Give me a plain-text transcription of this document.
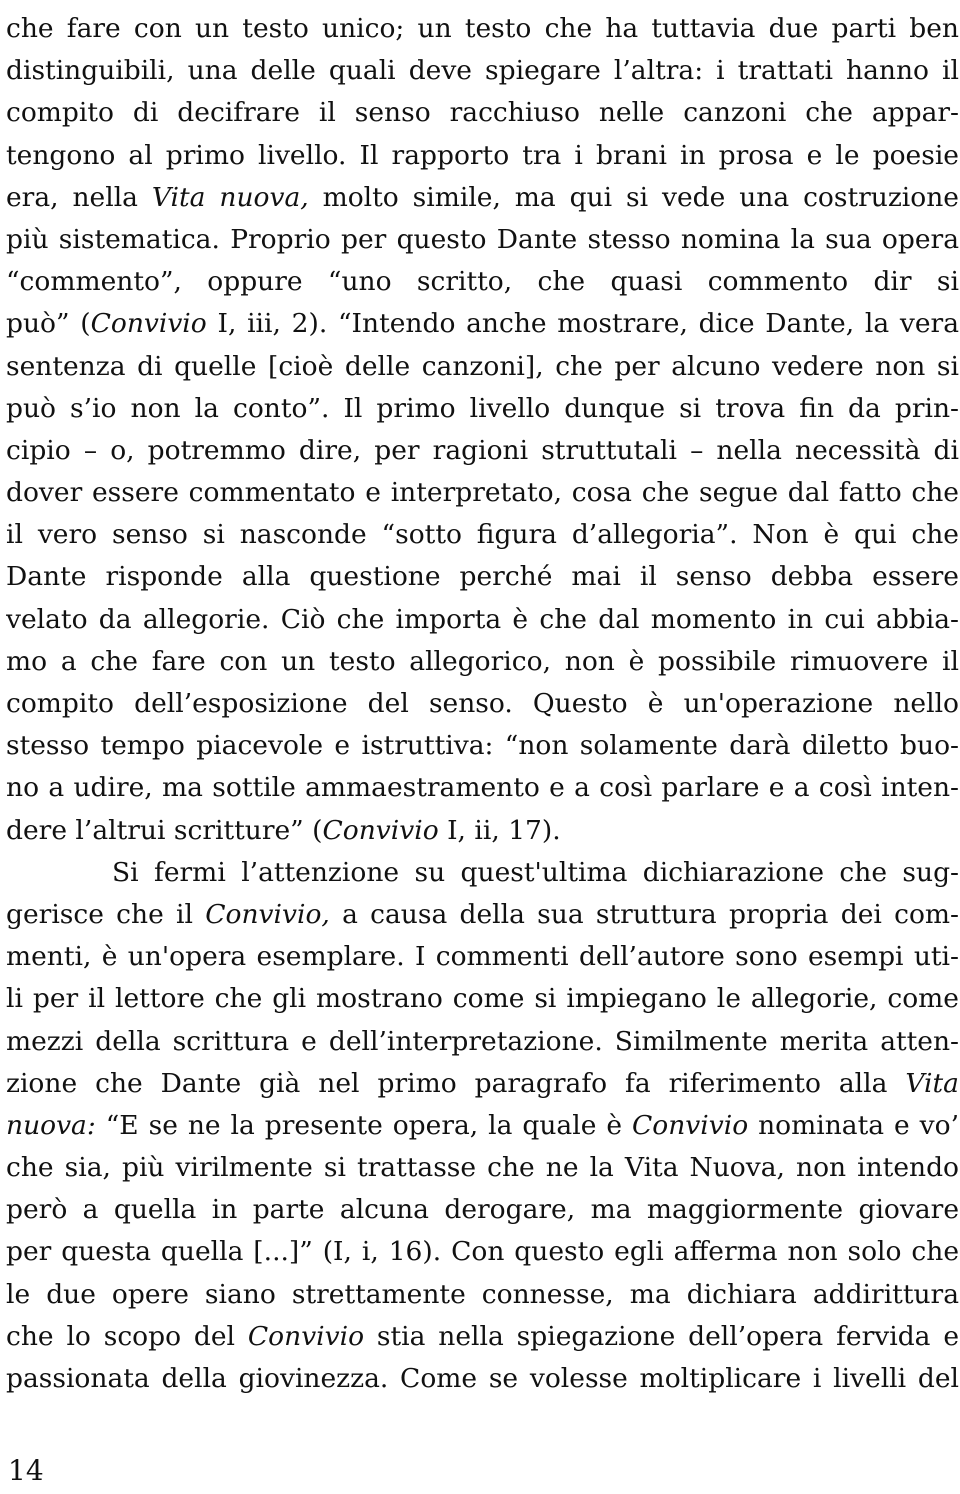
che fare con un testo unico; un testo che ha tuttavia due parti ben
distinguibili, una delle quali deve spiegare l’altra: i trattati hanno il
compito di decifrare il senso racchiuso nelle canzoni che appar-
tengono al primo livello. Il rapporto tra i brani in prosa e le poesie
era, nella Vita nuova, molto simile, ma qui si vede una costruzione
più sistematica. Proprio per questo Dante stesso nomina la sua opera
“commento”, oppure “uno scritto, che quasi commento dir si
può” (Convivio I, iii, 2). “Intendo anche mostrare, dice Dante, la vera
sentenza di quelle [cioè delle canzoni], che per alcuno vedere non si
può s’io non la conto”. Il primo livello dunque si trova fin da prin-
cipio – o, potremmo dire, per ragioni struttutali – nella necessità di
dover essere commentato e interpretato, cosa che segue dal fatto che
il vero senso si nasconde “sotto figura d’allegoria”. Non è qui che
Dante risponde alla questione perché mai il senso debba essere
velato da allegorie. Ciò che importa è che dal momento in cui abbia-
mo a che fare con un testo allegorico, non è possibile rimuovere il
compito dell’esposizione del senso. Questo è un'operazione nello
stesso tempo piacevole e istruttiva: “non solamente darà diletto buo-
no a udire, ma sottile ammaestramento e a così parlare e a così inten-
dere l’altrui scritture” (Convivio I, ii, 17).
Si fermi l’attenzione su quest'ultima dichiarazione che sug-
gerisce che il Convivio, a causa della sua struttura propria dei com-
menti, è un'opera esemplare. I commenti dell’autore sono esempi uti-
li per il lettore che gli mostrano come si impiegano le allegorie, come
mezzi della scrittura e dell’interpretazione. Similmente merita atten-
zione che Dante già nel primo paragrafo fa riferimento alla Vita
nuova: “E se ne la presente opera, la quale è Convivio nominata e vo’
che sia, più virilmente si trattasse che ne la Vita Nuova, non intendo
però a quella in parte alcuna derogare, ma maggiormente giovare
per questa quella [...]” (I, i, 16). Con questo egli afferma non solo che
le due opere siano strettamente connesse, ma dichiara addirittura
che lo scopo del Convivio stia nella spiegazione dell’opera fervida e
passionata della giovinezza. Come se volesse moltiplicare i livelli del
14
